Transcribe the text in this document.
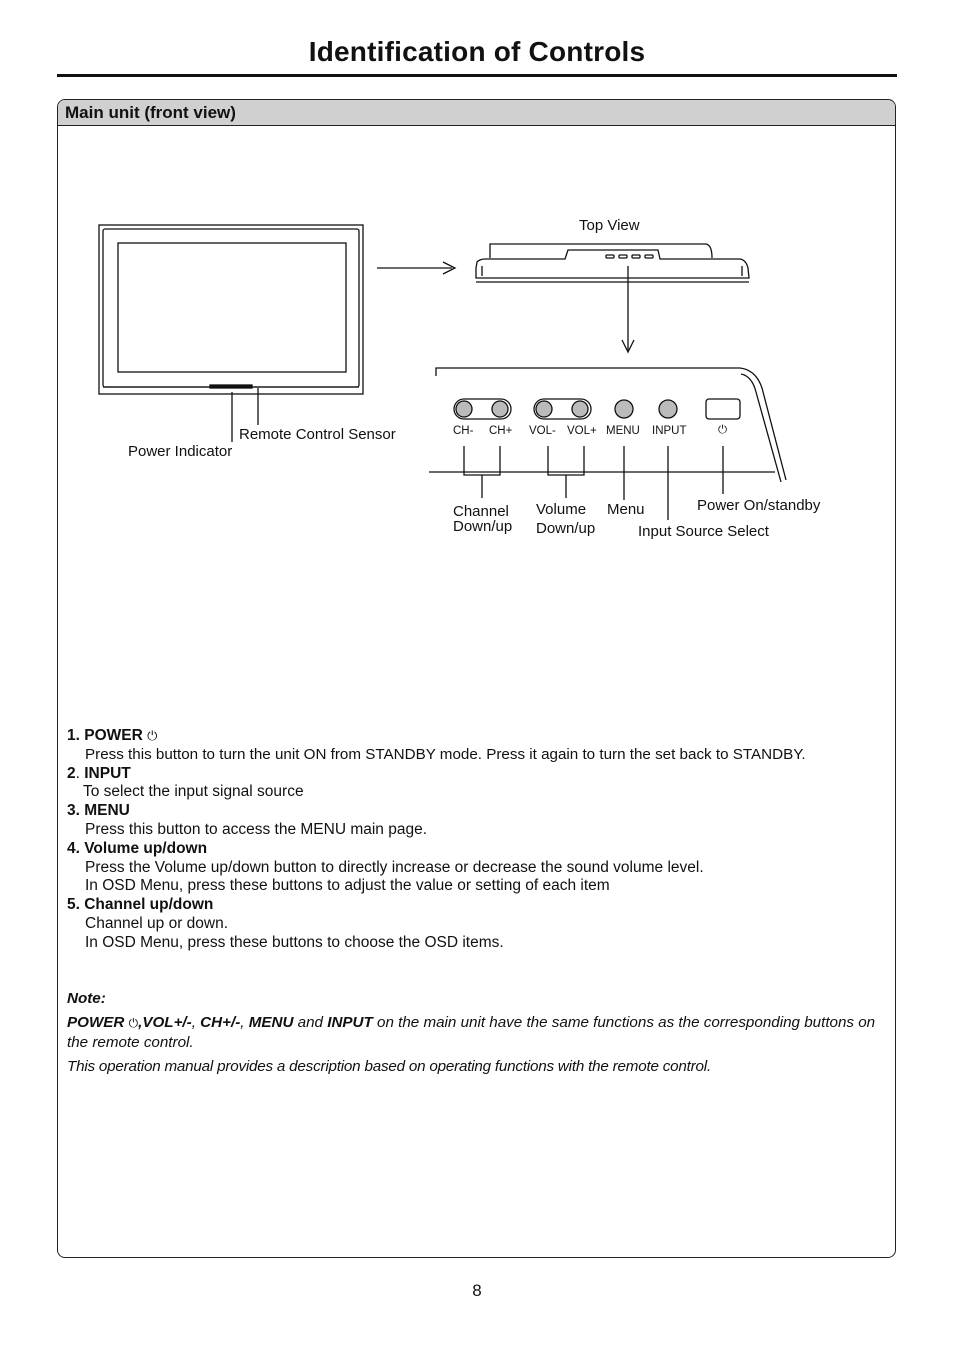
Identification of Controls
Main unit (front view)
Top View
Remote Control Sensor
Power Indicator
CH- CH+ VOL- VOL+ MENU INPUT	⏻
Channel
Down/up
Volume
Down/up
Menu	Power On/standby
Input Source Select
1. POWER ⏻
Press this button to turn the unit ON from STANDBY mode. Press it again to turn the set back to STANDBY.
2. INPUT
To select the input signal source
3. MENU
Press this button to access the MENU main page.
4. Volume up/down
Press the Volume up/down button to directly increase or decrease the sound volume level.
In OSD Menu, press these buttons to adjust the value or setting of each item
5. Channel up/down
Channel up or down.
In OSD Menu, press these buttons to choose the OSD items.
Note:
POWER ⏻,VOL+/-, CH+/-, MENU and INPUT on the main unit have the same functions as the corresponding buttons on the remote control.
This operation manual provides a description based on operating functions with the remote control.
8
